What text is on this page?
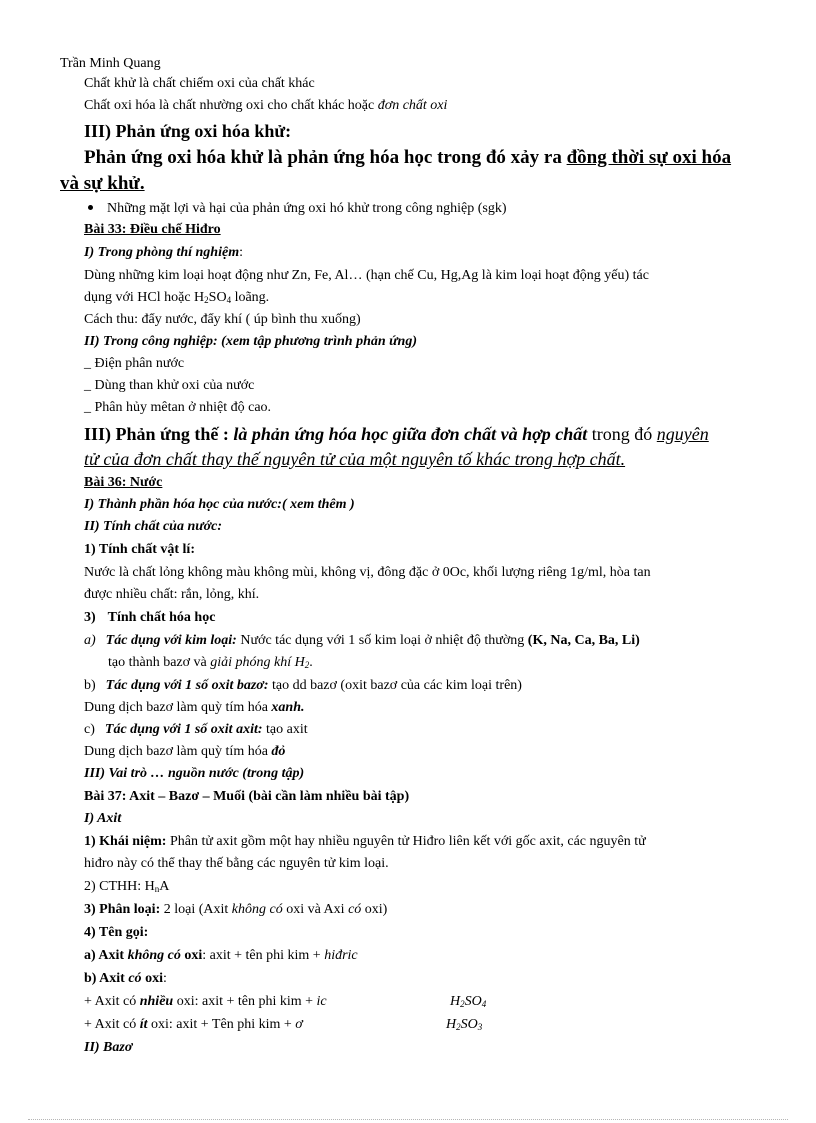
Trần Minh Quang
Chất khử là chất chiếm oxi của chất khác
Chất oxi hóa là chất nhường oxi cho chất khác hoặc đơn chất oxi
III) Phản ứng oxi hóa khử:
Phản ứng oxi hóa khử là phản ứng hóa học trong đó xảy ra đồng thời sự oxi hóa
và sự khử.
Những mặt lợi và hại của phản ứng oxi hó khử trong công nghiệp (sgk)
Bài 33: Điều chế Hiđro
I) Trong phòng thí nghiệm:
Dùng những kim loại hoạt động như Zn, Fe, Al… (hạn chế Cu, Hg,Ag là kim loại hoạt động yếu) tác
dụng với HCl hoặc $H_2SO_4$ loãng.
Cách thu: đẩy nước, đẩy khí ( úp bình thu xuống)
II) Trong công nghiệp: (xem tập phương trình phản ứng)
_ Điện phân nước
_ Dùng than khử oxi của nước
_ Phân hủy mêtan ở nhiệt độ cao.
III) Phản ứng thế : là phản ứng hóa học giữa đơn chất và hợp chất trong đó nguyên
tử của đơn chất thay thế nguyên tử của một nguyên tố khác trong hợp chất.
Bài 36: Nước
I) Thành phần hóa học của nước:( xem thêm )
II) Tính chất của nước:
1) Tính chất vật lí:
Nước là chất lỏng không màu không mùi, không vị, đông đặc ở 0Oc, khối lượng riêng 1g/ml, hòa tan
được nhiều chất: rắn, lỏng, khí.
3) Tính chất hóa học
a) Tác dụng với kim loại: Nước tác dụng với 1 số kim loại ở nhiệt độ thường (K, Na, Ca, Ba, Li)
tạo thành bazơ và giải phóng khí $H_2$.
b) Tác dụng với 1 số oxit bazơ: tạo dd bazơ (oxit bazơ của các kim loại trên)
Dung dịch bazơ làm quỳ tím hóa xanh.
c) Tác dụng với 1 số oxit axit: tạo axit
Dung dịch bazơ làm quỳ tím hóa đỏ
III) Vai trò … nguồn nước (trong tập)
Bài 37: Axit – Bazơ – Muối (bài cần làm nhiều bài tập)
I) Axit
1) Khái niệm: Phân tử axit gồm một hay nhiều nguyên tử Hiđro liên kết với gốc axit, các nguyên tử
hiđro này có thể thay thế bằng các nguyên tử kim loại.
2) CTHH: $H_nA$
3) Phân loại: 2 loại (Axit không có oxi và Axi có oxi)
4) Tên gọi:
a) Axit không có oxi: axit + tên phi kim + hiđric
b) Axit có oxi:
+ Axit có nhiều oxi: axit + tên phi kim + ic	$H_2SO_4$
+ Axit có ít oxi: axit + Tên phi kim + ơ	$H_2SO_3$
II) Bazơ
